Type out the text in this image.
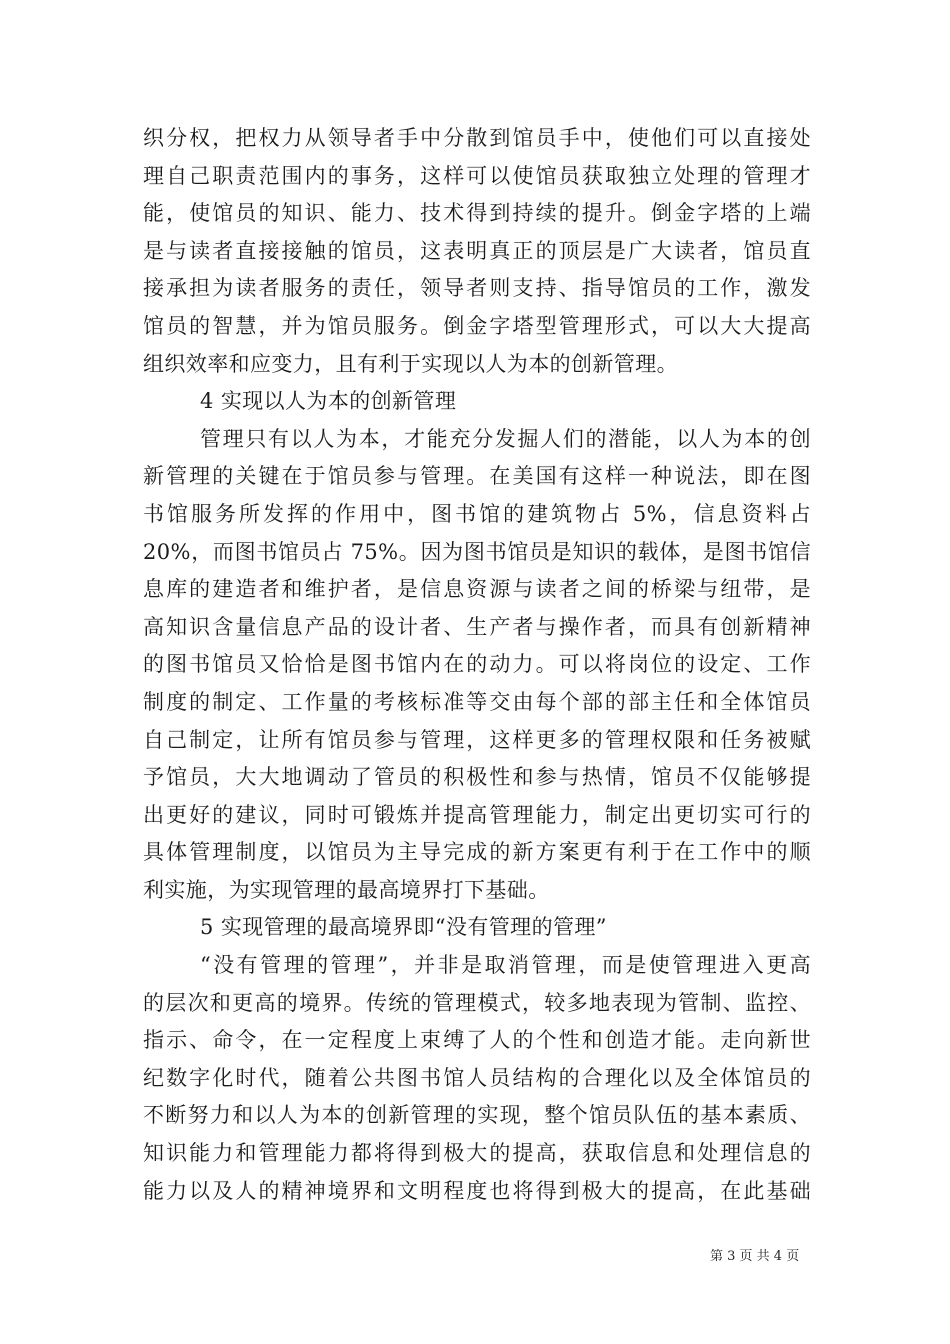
织分权，把权力从领导者手中分散到馆员手中，使他们可以直接处
理自己职责范围内的事务，这样可以使馆员获取独立处理的管理才
能，使馆员的知识、能力、技术得到持续的提升。倒金字塔的上端
是与读者直接接触的馆员，这表明真正的顶层是广大读者，馆员直
接承担为读者服务的责任，领导者则支持、指导馆员的工作，激发
馆员的智慧，并为馆员服务。倒金字塔型管理形式，可以大大提高
组织效率和应变力，且有利于实现以人为本的创新管理。
4 实现以人为本的创新管理
管理只有以人为本，才能充分发掘人们的潜能，以人为本的创
新管理的关键在于馆员参与管理。在美国有这样一种说法，即在图
书馆服务所发挥的作用中，图书馆的建筑物占 5%，信息资料占
20%，而图书馆员占 75%。因为图书馆员是知识的载体，是图书馆信
息库的建造者和维护者，是信息资源与读者之间的桥梁与纽带，是
高知识含量信息产品的设计者、生产者与操作者，而具有创新精神
的图书馆员又恰恰是图书馆内在的动力。可以将岗位的设定、工作
制度的制定、工作量的考核标准等交由每个部的部主任和全体馆员
自己制定，让所有馆员参与管理，这样更多的管理权限和任务被赋
予馆员，大大地调动了管员的积极性和参与热情，馆员不仅能够提
出更好的建议，同时可锻炼并提高管理能力，制定出更切实可行的
具体管理制度，以馆员为主导完成的新方案更有利于在工作中的顺
利实施，为实现管理的最高境界打下基础。
5 实现管理的最高境界即“没有管理的管理”
“没有管理的管理”，并非是取消管理，而是使管理进入更高
的层次和更高的境界。传统的管理模式，较多地表现为管制、监控、
指示、命令，在一定程度上束缚了人的个性和创造才能。走向新世
纪数字化时代，随着公共图书馆人员结构的合理化以及全体馆员的
不断努力和以人为本的创新管理的实现，整个馆员队伍的基本素质、
知识能力和管理能力都将得到极大的提高，获取信息和处理信息的
能力以及人的精神境界和文明程度也将得到极大的提高，在此基础
第 3 页 共 4 页
